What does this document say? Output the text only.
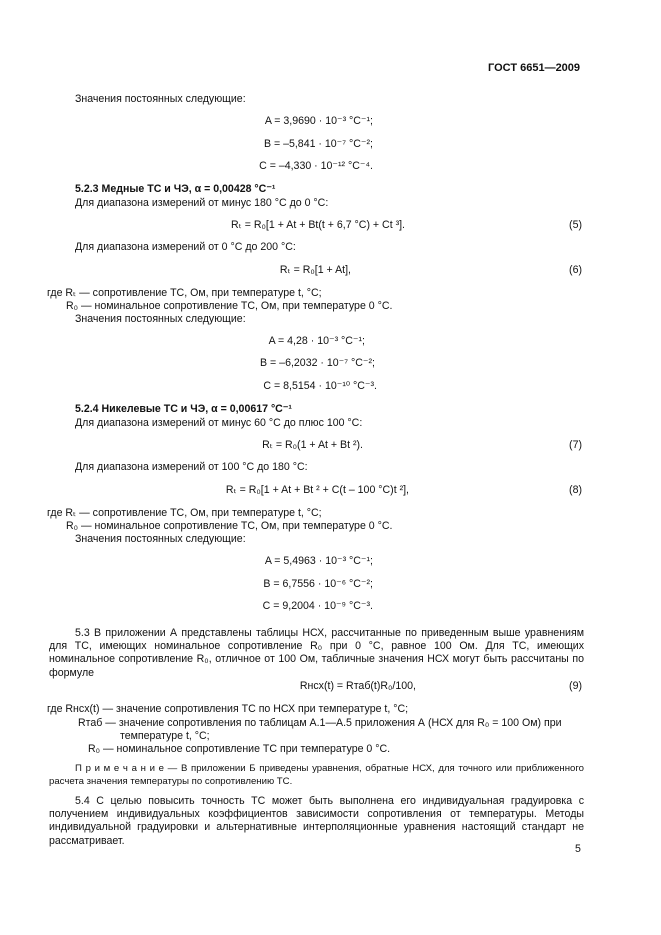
ГОСТ 6651—2009
Значения постоянных следующие:
A = 3,9690 · 10⁻³ °C⁻¹;
B = –5,841 · 10⁻⁷ °C⁻²;
C = –4,330 · 10⁻¹² °C⁻⁴.
5.2.3 Медные ТС и ЧЭ, α = 0,00428 °С⁻¹
Для диапазона измерений от минус 180 °С до 0 °С:
Rₜ = R₀[1 + At + Bt(t + 6,7 °C) + Ct ³].	(5)
Для диапазона измерений от 0 °С до 200 °С:
Rₜ = R₀[1 + At],	(6)
где Rₜ — сопротивление ТС, Ом, при температуре t, °С;
R₀ — номинальное сопротивление ТС, Ом, при температуре 0 °С.
Значения постоянных следующие:
A = 4,28 · 10⁻³ °C⁻¹;
B = –6,2032 · 10⁻⁷ °C⁻²;
C = 8,5154 · 10⁻¹⁰ °C⁻³.
5.2.4 Никелевые ТС и ЧЭ, α = 0,00617 °С⁻¹
Для диапазона измерений от минус 60 °С до плюс 100 °С:
Rₜ = R₀(1 + At + Bt ²).	(7)
Для диапазона измерений от 100 °С до 180 °С:
Rₜ = R₀[1 + At + Bt ² + C(t – 100 °C)t ²],	(8)
где Rₜ — сопротивление ТС, Ом, при температуре t, °С;
R₀ — номинальное сопротивление ТС, Ом, при температуре 0 °С.
Значения постоянных следующие:
A = 5,4963 · 10⁻³ °C⁻¹;
B = 6,7556 · 10⁻⁶ °C⁻²;
C = 9,2004 · 10⁻⁹ °C⁻³.
5.3 В приложении А представлены таблицы НСХ, рассчитанные по приведенным выше уравнениям для ТС, имеющих номинальное сопротивление R₀ при 0 °С, равное 100 Ом. Для ТС, имеющих номинальное сопротивление R₀, отличное от 100 Ом, табличные значения НСХ могут быть рассчитаны по формуле
Rнсх(t) = Rтаб(t)R₀/100,	(9)
где Rнсх(t) — значение сопротивления ТС по НСХ при температуре t, °С;
Rтаб — значение сопротивления по таблицам А.1—А.5 приложения А (НСХ для R₀ = 100 Ом) при
температуре t, °С;
R₀ — номинальное сопротивление ТС при температуре 0 °С.
П р и м е ч а н и е — В приложении Б приведены уравнения, обратные НСХ, для точного или приближенного расчета значения температуры по сопротивлению ТС.
5.4 С целью повысить точность ТС может быть выполнена его индивидуальная градуировка с получением индивидуальных коэффициентов зависимости сопротивления от температуры. Методы индивидуальной градуировки и альтернативные интерполяционные уравнения настоящий стандарт не рассматривает.
5
